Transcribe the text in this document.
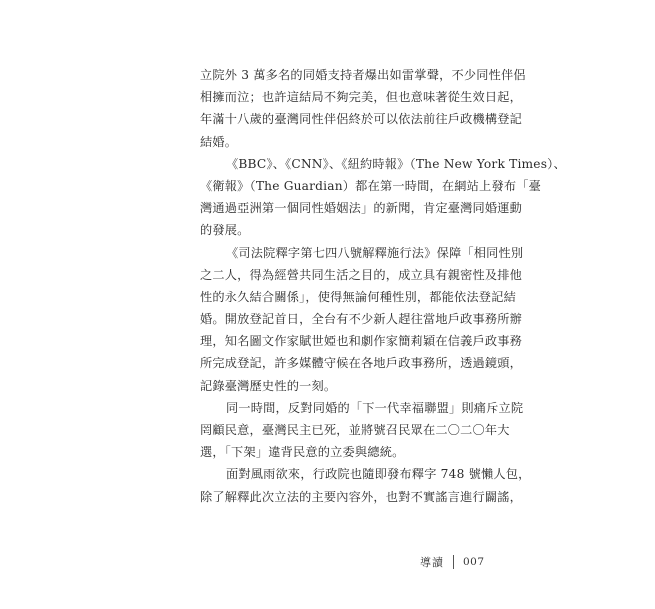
立院外 3 萬多名的同婚支持者爆出如雷掌聲，不少同性伴侶
相擁而泣；也許這結局不夠完美，但也意味著從生效日起，
年滿十八歲的臺灣同性伴侶終於可以依法前往戶政機構登記
結婚。
《BBC》、《CNN》、《紐約時報》（The New York Times）、
《衛報》（The Guardian）都在第一時間，在網站上發布「臺
灣通過亞洲第一個同性婚姻法」的新聞，肯定臺灣同婚運動
的發展。
《司法院釋字第七四八號解釋施行法》保障「相同性別
之二人，得為經營共同生活之目的，成立具有親密性及排他
性的永久結合關係」，使得無論何種性別，都能依法登記結
婚。開放登記首日，全台有不少新人趕往當地戶政事務所辦
理，知名圖文作家賦世婭也和劇作家簡莉穎在信義戶政事務
所完成登記，許多媒體守候在各地戶政事務所，透過鏡頭，
記錄臺灣歷史性的一刻。
同一時間，反對同婚的「下一代幸福聯盟」則痛斥立院
罔顧民意，臺灣民主已死，並將號召民眾在二〇二〇年大
選，「下架」違背民意的立委與總統。
面對風雨欲來，行政院也隨即發布釋字 748 號懶人包，
除了解釋此次立法的主要內容外，也對不實謠言進行闢謠，
導讀 007
